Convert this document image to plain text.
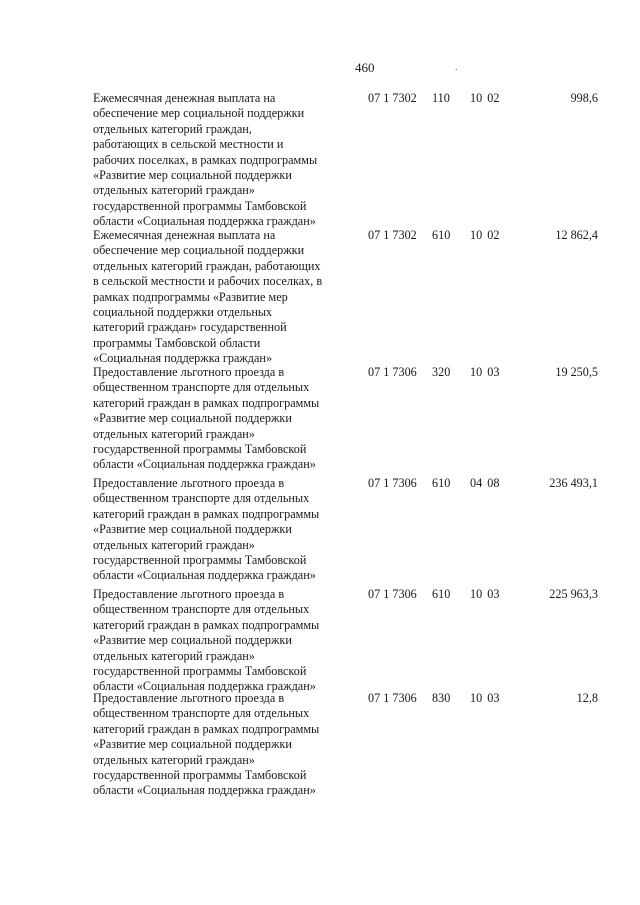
460	.
Ежемесячная денежная выплата на
обеспечение мер социальной поддержки
отдельных категорий граждан,
работающих в сельской местности и
рабочих поселках, в рамках подпрограммы
«Развитие мер социальной поддержки
отдельных категорий граждан»
государственной программы Тамбовской
области «Социальная поддержка граждан»
07 1 7302 110 10 02	998,6
Ежемесячная денежная выплата на
обеспечение мер социальной поддержки
отдельных категорий граждан, работающих
в сельской местности и рабочих поселках, в
рамках подпрограммы «Развитие мер
социальной поддержки отдельных
категорий граждан» государственной
программы Тамбовской области
«Социальная поддержка граждан»
07 1 7302 610 10 02	12 862,4
Предоставление льготного проезда в
общественном транспорте для отдельных
категорий граждан в рамках подпрограммы
«Развитие мер социальной поддержки
отдельных категорий граждан»
государственной программы Тамбовской
области «Социальная поддержка граждан»
07 1 7306 320 10 03	19 250,5
Предоставление льготного проезда в
общественном транспорте для отдельных
категорий граждан в рамках подпрограммы
«Развитие мер социальной поддержки
отдельных категорий граждан»
государственной программы Тамбовской
области «Социальная поддержка граждан»
07 1 7306 610 04 08	236 493,1
Предоставление льготного проезда в
общественном транспорте для отдельных
категорий граждан в рамках подпрограммы
«Развитие мер социальной поддержки
отдельных категорий граждан»
государственной программы Тамбовской
области «Социальная поддержка граждан»
07 1 7306 610 10 03	225 963,3
Предоставление льготного проезда в
общественном транспорте для отдельных
категорий граждан в рамках подпрограммы
«Развитие мер социальной поддержки
отдельных категорий граждан»
государственной программы Тамбовской
области «Социальная поддержка граждан»
07 1 7306 830 10 03	12,8
